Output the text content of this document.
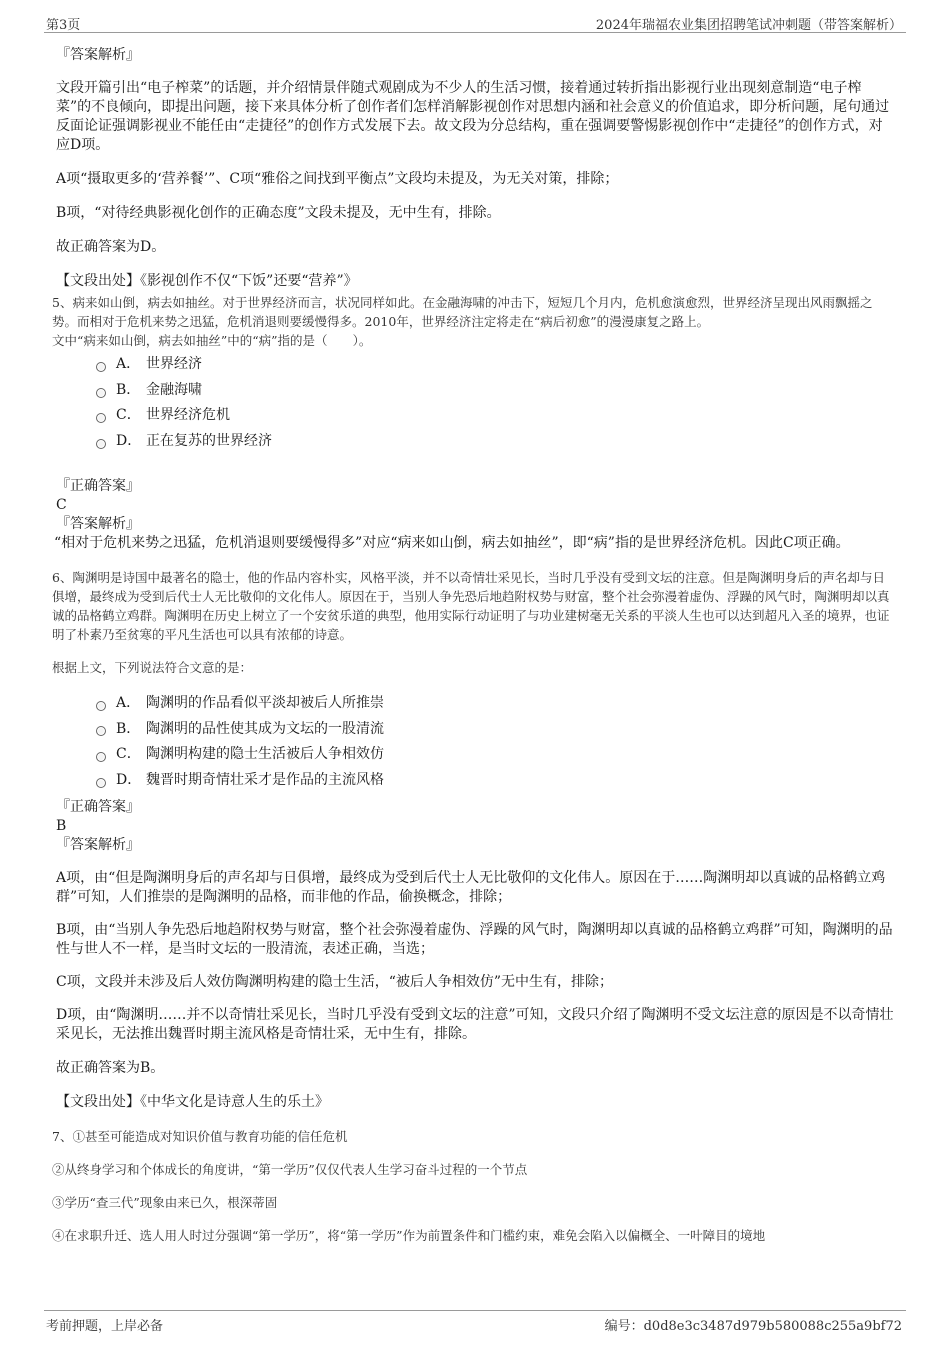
第3页	2024年瑞福农业集团招聘笔试冲刺题（带答案解析）

『答案解析』

文段开篇引出“电子榨菜”的话题，并介绍情景伴随式观剧成为不少人的生活习惯，接着通过转折指出影视行业出现刻意制造“电子榨菜”的不良倾向，即提出问题，接下来具体分析了创作者们怎样消解影视创作对思想内涵和社会意义的价值追求，即分析问题，尾句通过反面论证强调影视业不能任由“走捷径”的创作方式发展下去。故文段为分总结构，重在强调要警惕影视创作中“走捷径”的创作方式，对应D项。

A项“摄取更多的‘营养餐’”、C项“雅俗之间找到平衡点”文段均未提及，为无关对策，排除；

B项，“对待经典影视化创作的正确态度”文段未提及，无中生有，排除。

故正确答案为D。

【文段出处】《影视创作不仅“下饭”还要“营养”》

5、病来如山倒，病去如抽丝。对于世界经济而言，状况同样如此。在金融海啸的冲击下，短短几个月内，危机愈演愈烈，世界经济呈现出风雨飘摇之势。而相对于危机来势之迅猛，危机消退则要缓慢得多。2010年，世界经济注定将走在“病后初愈”的漫漫康复之路上。

文中“病来如山倒，病去如抽丝”中的“病”指的是（　　）。

A． 世界经济
B． 金融海啸
C． 世界经济危机
D． 正在复苏的世界经济

『正确答案』

C

『答案解析』

“相对于危机来势之迅猛，危机消退则要缓慢得多”对应“病来如山倒，病去如抽丝”，即“病”指的是世界经济危机。因此C项正确。

6、陶渊明是诗国中最著名的隐士，他的作品内容朴实，风格平淡，并不以奇情壮采见长，当时几乎没有受到文坛的注意。但是陶渊明身后的声名却与日俱增，最终成为受到后代士人无比敬仰的文化伟人。原因在于，当别人争先恐后地趋附权势与财富，整个社会弥漫着虚伪、浮躁的风气时，陶渊明却以真诚的品格鹤立鸡群。陶渊明在历史上树立了一个安贫乐道的典型，他用实际行动证明了与功业建树毫无关系的平淡人生也可以达到超凡入圣的境界，也证明了朴素乃至贫寒的平凡生活也可以具有浓郁的诗意。

根据上文，下列说法符合文意的是：

A． 陶渊明的作品看似平淡却被后人所推崇
B． 陶渊明的品性使其成为文坛的一股清流
C． 陶渊明构建的隐士生活被后人争相效仿
D． 魏晋时期奇情壮采才是作品的主流风格

『正确答案』

B

『答案解析』

A项，由“但是陶渊明身后的声名却与日俱增，最终成为受到后代士人无比敬仰的文化伟人。原因在于……陶渊明却以真诚的品格鹤立鸡群”可知，人们推崇的是陶渊明的品格，而非他的作品，偷换概念，排除；

B项，由“当别人争先恐后地趋附权势与财富，整个社会弥漫着虚伪、浮躁的风气时，陶渊明却以真诚的品格鹤立鸡群”可知，陶渊明的品性与世人不一样，是当时文坛的一股清流，表述正确，当选；

C项，文段并未涉及后人效仿陶渊明构建的隐士生活，“被后人争相效仿”无中生有，排除；

D项，由“陶渊明……并不以奇情壮采见长，当时几乎没有受到文坛的注意”可知，文段只介绍了陶渊明不受文坛注意的原因是不以奇情壮采见长，无法推出魏晋时期主流风格是奇情壮采，无中生有，排除。

故正确答案为B。

【文段出处】《中华文化是诗意人生的乐土》

7、①甚至可能造成对知识价值与教育功能的信任危机

②从终身学习和个体成长的角度讲，“第一学历”仅仅代表人生学习奋斗过程的一个节点

③学历“查三代”现象由来已久，根深蒂固

④在求职升迁、选人用人时过分强调“第一学历”，将“第一学历”作为前置条件和门槛约束，难免会陷入以偏概全、一叶障目的境地

考前押题，上岸必备	编号：d0d8e3c3487d979b580088c255a9bf72
